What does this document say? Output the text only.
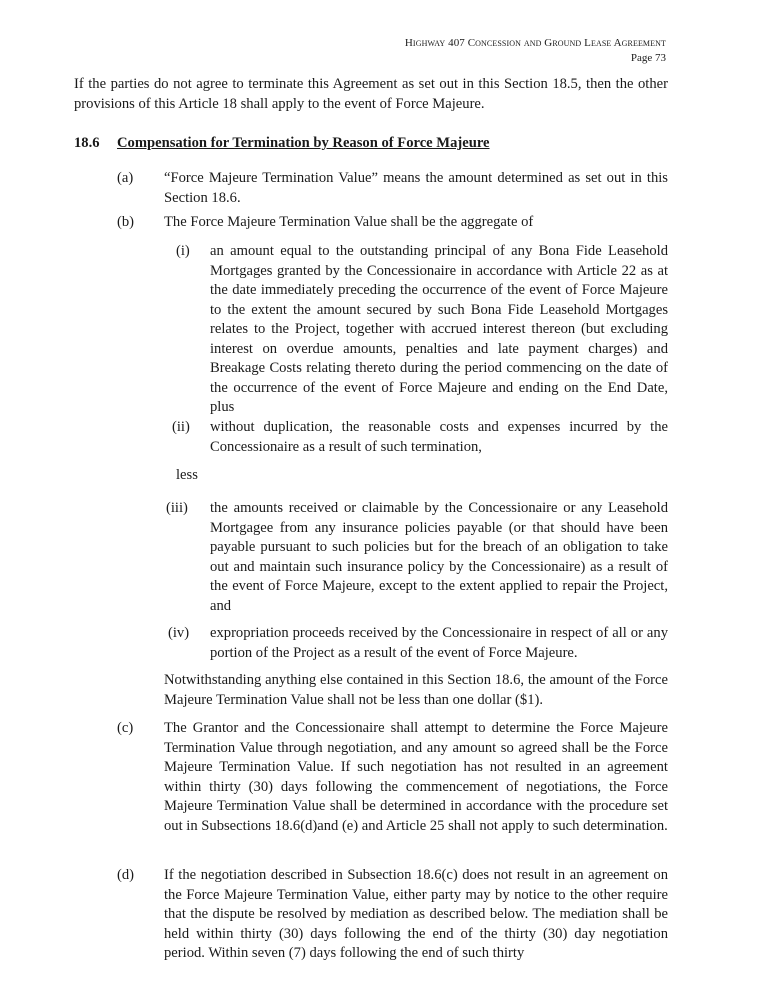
Highway 407 Concession and Ground Lease Agreement
Page 73
If the parties do not agree to terminate this Agreement as set out in this Section 18.5, then the other provisions of this Article 18 shall apply to the event of Force Majeure.
18.6 Compensation for Termination by Reason of Force Majeure
(a) “Force Majeure Termination Value” means the amount determined as set out in this Section 18.6.
(b) The Force Majeure Termination Value shall be the aggregate of
(i) an amount equal to the outstanding principal of any Bona Fide Leasehold Mortgages granted by the Concessionaire in accordance with Article 22 as at the date immediately preceding the occurrence of the event of Force Majeure to the extent the amount secured by such Bona Fide Leasehold Mortgages relates to the Project, together with accrued interest thereon (but excluding interest on overdue amounts, penalties and late payment charges) and Breakage Costs relating thereto during the period commencing on the date of the occurrence of the event of Force Majeure and ending on the End Date, plus
(ii) without duplication, the reasonable costs and expenses incurred by the Concessionaire as a result of such termination,
less
(iii) the amounts received or claimable by the Concessionaire or any Leasehold Mortgagee from any insurance policies payable (or that should have been payable pursuant to such policies but for the breach of an obligation to take out and maintain such insurance policy by the Concessionaire) as a result of the event of Force Majeure, except to the extent applied to repair the Project, and
(iv) expropriation proceeds received by the Concessionaire in respect of all or any portion of the Project as a result of the event of Force Majeure.
Notwithstanding anything else contained in this Section 18.6, the amount of the Force Majeure Termination Value shall not be less than one dollar ($1).
(c) The Grantor and the Concessionaire shall attempt to determine the Force Majeure Termination Value through negotiation, and any amount so agreed shall be the Force Majeure Termination Value. If such negotiation has not resulted in an agreement within thirty (30) days following the commencement of negotiations, the Force Majeure Termination Value shall be determined in accordance with the procedure set out in Subsections 18.6(d)and (e) and Article 25 shall not apply to such determination.
(d) If the negotiation described in Subsection 18.6(c) does not result in an agreement on the Force Majeure Termination Value, either party may by notice to the other require that the dispute be resolved by mediation as described below. The mediation shall be held within thirty (30) days following the end of the thirty (30) day negotiation period. Within seven (7) days following the end of such thirty
